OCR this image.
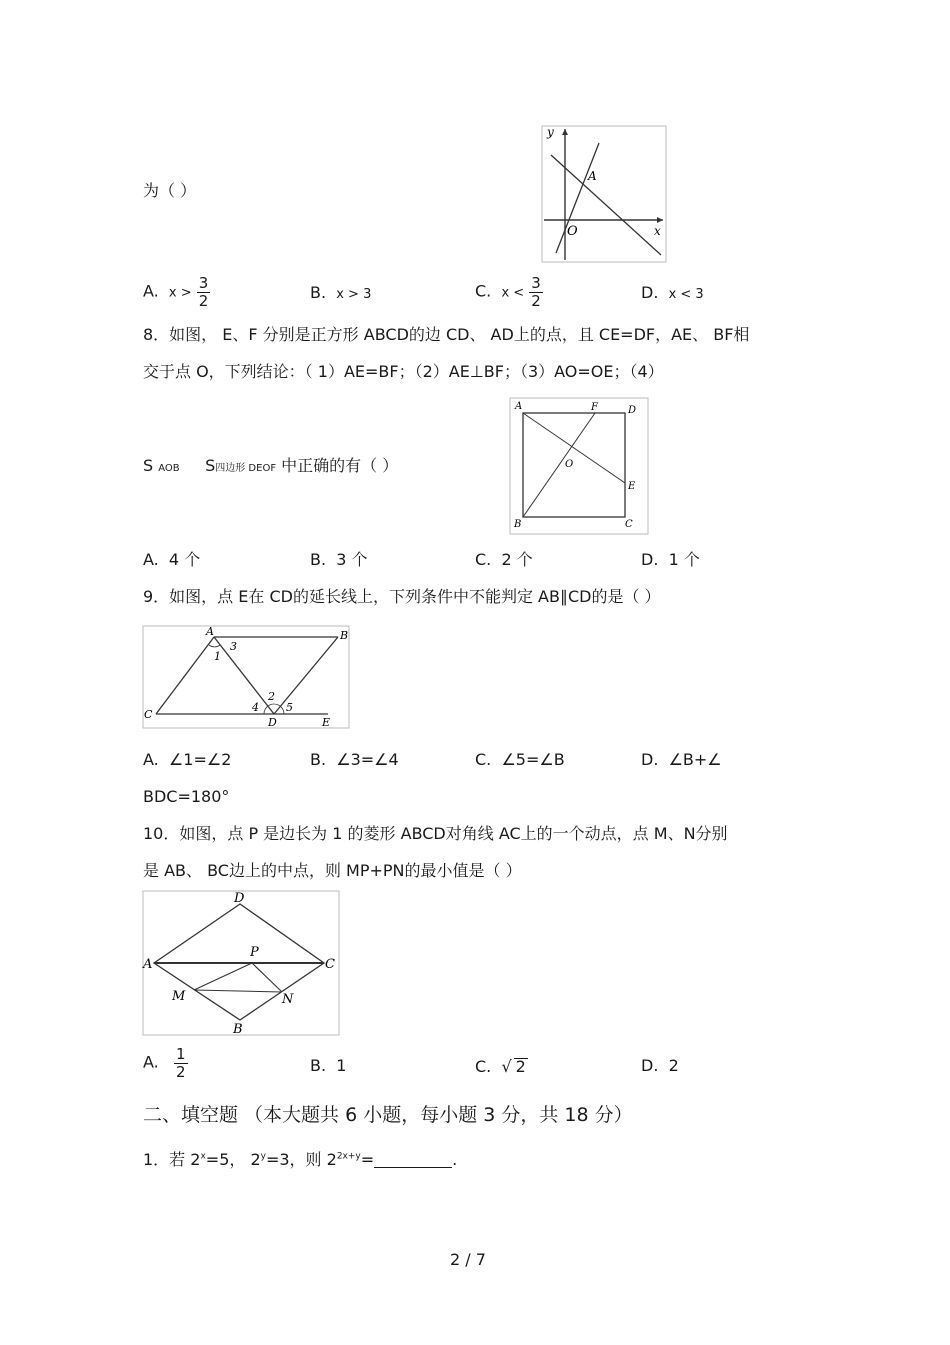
为（ ）
y
x
O
A
A. $x > \frac{3}{2}$	B. x > 3	C. $x < \frac{3}{2}$	D. x < 3
8．如图， E、F 分别是正方形 ABCD的边 CD、 AD上的点，且 CE=DF，AE、 BF相
交于点 O，下列结论：（ 1）AE=BF；（2）AE⊥BF；（3）AO=OE；（4）
S AOB S四边形 DEOF 中正确的有（ ）
A	F	D
O
E
B	C
A. 4 个	B. 3 个	C. 2 个	D. 1 个
9．如图，点 E在 CD的延长线上，下列条件中不能判定 AB∥CD的是（ ）
A	B
C
D	E
1
3
2
4 5
A. ∠1=∠2	B. ∠3=∠4	C. ∠5=∠B	D. ∠B+∠
BDC=180°
10．如图，点 P 是边长为 1 的菱形 ABCD对角线 AC上的一个动点，点 M、N分别
是 AB、 BC边上的中点，则 MP+PN的最小值是（ ）
D
A	C
B
P
M	N
A. $\frac{1}{2}$	B. 1	C.  √ 2	D. 2
二、填空题 （本大题共 6 小题，每小题 3 分，共 18 分）
1．若 $2^x=5$， $2^y=3$，则 $2^{2x+y}=$	.
2 / 7
